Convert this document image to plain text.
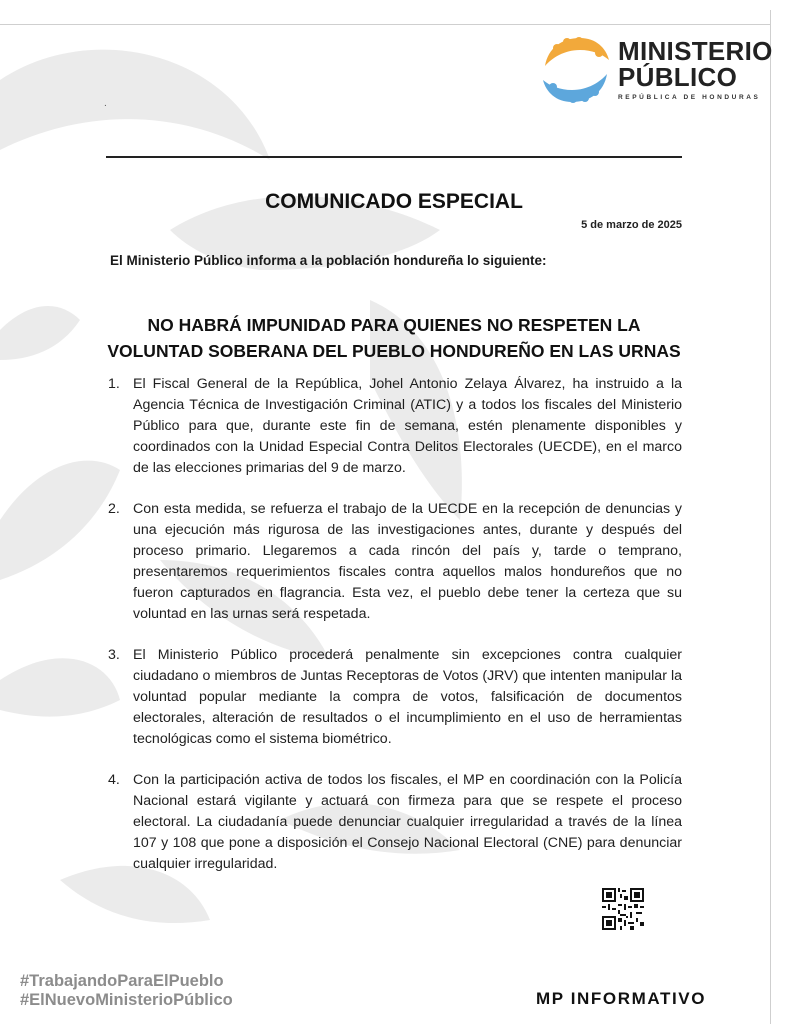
MINISTERIO
PÚBLICO
REPÚBLICA DE HONDURAS
.
COMUNICADO ESPECIAL
5 de marzo de 2025
El Ministerio Público informa a la población hondureña lo siguiente:
NO HABRÁ IMPUNIDAD PARA QUIENES NO RESPETEN LA
VOLUNTAD SOBERANA DEL PUEBLO HONDUREÑO EN LAS URNAS
1. El Fiscal General de la República, Johel Antonio Zelaya Álvarez, ha instruido a la Agencia Técnica de Investigación Criminal (ATIC) y a todos los fiscales del Ministerio Público para que, durante este fin de semana, estén plenamente disponibles y coordinados con la Unidad Especial Contra Delitos Electorales (UECDE), en el marco de las elecciones primarias del 9 de marzo.
2. Con esta medida, se refuerza el trabajo de la UECDE en la recepción de denuncias y una ejecución más rigurosa de las investigaciones antes, durante y después del proceso primario. Llegaremos a cada rincón del país y, tarde o temprano, presentaremos requerimientos fiscales contra aquellos malos hondureños que no fueron capturados en flagrancia. Esta vez, el pueblo debe tener la certeza que su voluntad en las urnas será respetada.
3. El Ministerio Público procederá penalmente sin excepciones contra cualquier ciudadano o miembros de Juntas Receptoras de Votos (JRV) que intenten manipular la voluntad popular mediante la compra de votos, falsificación de documentos electorales, alteración de resultados o el incumplimiento en el uso de herramientas tecnológicas como el sistema biométrico.
4. Con la participación activa de todos los fiscales, el MP en coordinación con la Policía Nacional estará vigilante y actuará con firmeza para que se respete el proceso electoral. La ciudadanía puede denunciar cualquier irregularidad a través de la línea 107 y 108 que pone a disposición el Consejo Nacional Electoral (CNE) para denunciar cualquier irregularidad.
#TrabajandoParaElPueblo
#ElNuevoMinisterioPúblico	MP INFORMATIVO
